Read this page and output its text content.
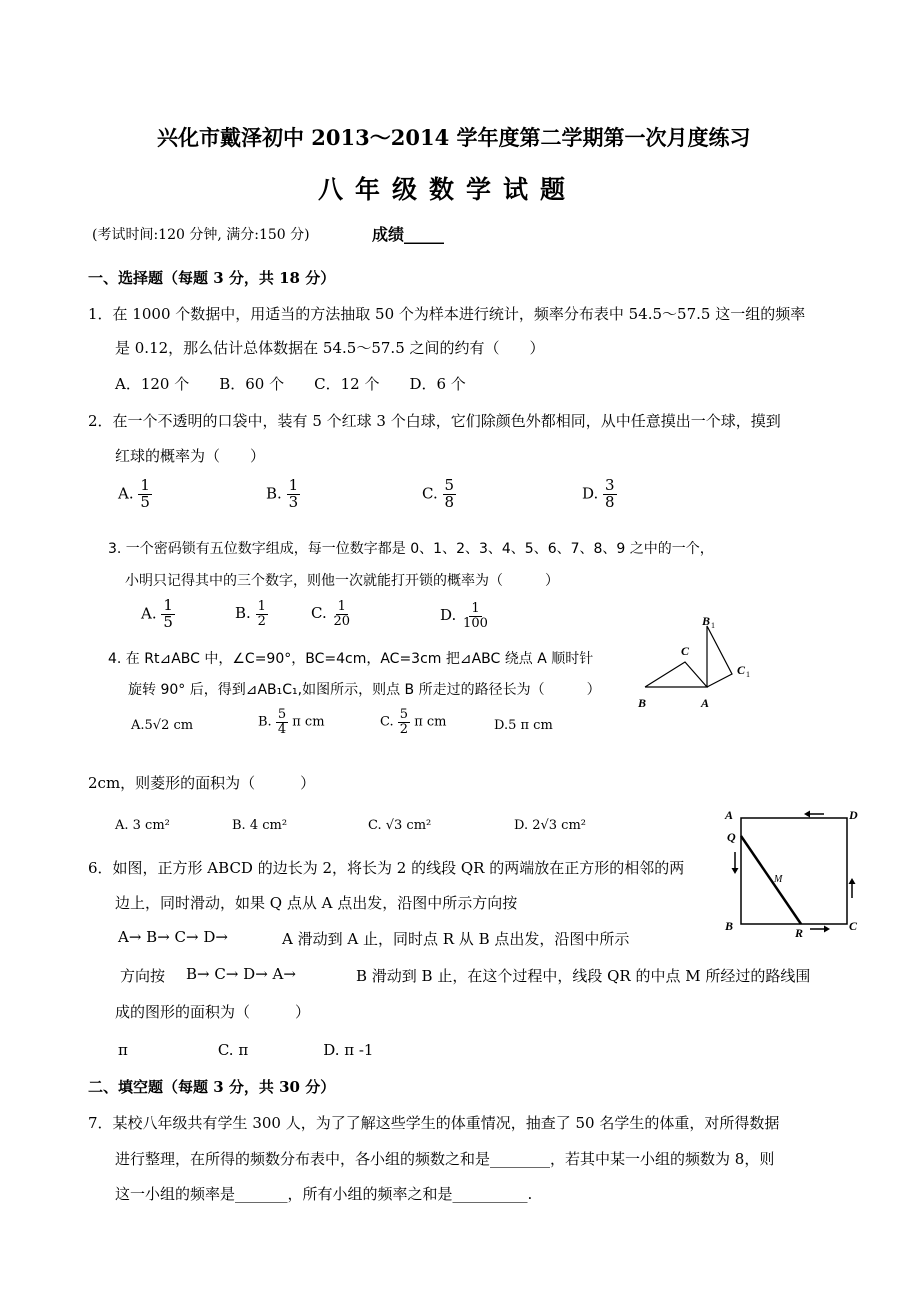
兴化市戴泽初中 2013～2014 学年度第二学期第一次月度练习
八年级数学试题
(考试时间:120 分钟, 满分:150 分)	成绩_____
一、选择题（每题 3 分，共 18 分）
1．在 1000 个数据中，用适当的方法抽取 50 个为样本进行统计，频率分布表中 54.5～57.5 这一组的频率
是 0.12，那么估计总体数据在 54.5～57.5 之间的约有（　　）
A．120 个　　B．60 个　　C．12 个　　D．6 个
2．在一个不透明的口袋中，装有 5 个红球 3 个白球，它们除颜色外都相同，从中任意摸出一个球，摸到
红球的概率为（　　）
A. $\frac{1}{5}$	B. $\frac{1}{3}$	C. $\frac{5}{8}$	D. $\frac{3}{8}$
3. 一个密码锁有五位数字组成，每一位数字都是 0、1、2、3、4、5、6、7、8、9 之中的一个，
小明只记得其中的三个数字，则他一次就能打开锁的概率为（　　　）
A. $\frac{1}{5}$	B. $\frac{1}{2}$	C. $\frac{1}{20}$	D. $\frac{1}{100}$
4. 在 Rt⊿ABC 中，∠C=90°，BC=4cm，AC=3cm 把⊿ABC 绕点 A 顺时针
旋转 90° 后，得到⊿AB₁C₁,如图所示，则点 B 所走过的路径长为（　　　）
A.5√2 cm	B. $\frac{5}{4}$ π cm	C. $\frac{5}{2}$ π cm	D.5 π cm
B	A
C
B 1
C 1
2cm，则菱形的面积为（　　　）
A. 3 cm²	B. 4 cm²	C. √3 cm²	D. 2√3 cm²
6．如图，正方形 ABCD 的边长为 2，将长为 2 的线段 QR 的两端放在正方形的相邻的两
边上，同时滑动，如果 Q 点从 A 点出发，沿图中所示方向按
A→ B→ C→ D→	A 滑动到 A 止，同时点 R 从 B 点出发，沿图中所示
方向按 B→ C→ D→ A→	B 滑动到 B 止，在这个过程中，线段 QR 的中点 M 所经过的路线围
成的图形的面积为（　　　）
π　　　　　　C. π　　　　　D. π -1
A	D
B	C
Q
R
M
二、填空题（每题 3 分，共 30 分）
7．某校八年级共有学生 300 人，为了了解这些学生的体重情况，抽查了 50 名学生的体重，对所得数据
进行整理，在所得的频数分布表中，各小组的频数之和是________，若其中某一小组的频数为 8，则
这一小组的频率是_______，所有小组的频率之和是__________.
